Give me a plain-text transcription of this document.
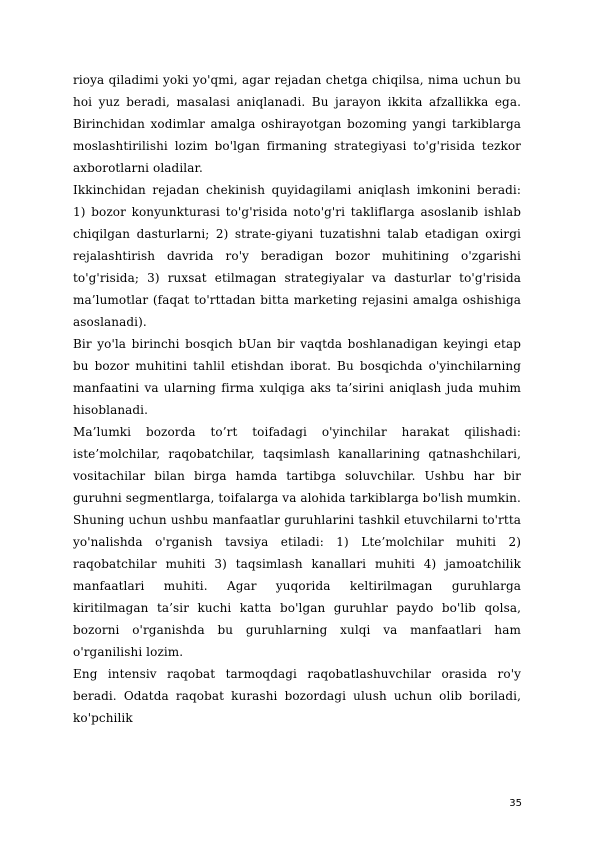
rioya qiladimi yoki yo'qmi, agar rejadan chetga chiqilsa, nima uchun bu hoi yuz beradi, masalasi aniqlanadi. Bu jarayon ikkita afzallikka ega. Birinchidan xodimlar amalga oshirayotgan bozoming yangi tarkiblarga moslashtirilishi lozim bo'lgan firmaning strategiyasi to'g'risida tezkor axborotlarni oladilar.

Ikkinchidan rejadan chekinish quyidagilami aniqlash imkonini beradi: 1) bozor konyunkturasi to'g'risida noto'g'ri takliflarga asoslanib ishlab chiqilgan dasturlarni; 2) strate-giyani tuzatishni talab etadigan oxirgi rejalashtirish davrida ro'y beradigan bozor muhitining o'zgarishi to'g'risida; 3) ruxsat etilmagan strategiyalar va dasturlar to'g'risida ma’lumotlar (faqat to'rttadan bitta marketing rejasini amalga oshishiga asoslanadi).

Bir yo'la birinchi bosqich bUan bir vaqtda boshlanadigan keyingi etap bu bozor muhitini tahlil etishdan iborat. Bu bosqichda o'yinchilarning manfaatini va ularning firma xulqiga aks ta’sirini aniqlash juda muhim hisoblanadi.

Ma’lumki bozorda to’rt toifadagi o'yinchilar harakat qilishadi: iste’molchilar, raqobatchilar, taqsimlash kanallarining qatnashchilari, vositachilar bilan birga hamda tartibga soluvchilar. Ushbu har bir guruhni segmentlarga, toifalarga va alohida tarkiblarga bo'lish mumkin.

Shuning uchun ushbu manfaatlar guruhlarini tashkil etuvchilarni to'rtta yo'nalishda o'rganish tavsiya etiladi: 1) Lte’molchilar muhiti 2) raqobatchilar muhiti 3) taqsimlash kanallari muhiti 4) jamoatchilik manfaatlari muhiti. Agar yuqorida keltirilmagan guruhlarga kiritilmagan ta’sir kuchi katta bo'lgan guruhlar paydo bo'lib qolsa, bozorni o'rganishda bu guruhlarning xulqi va manfaatlari ham o'rganilishi lozim.

Eng intensiv raqobat tarmoqdagi raqobatlashuvchilar orasida ro'y beradi. Odatda raqobat kurashi bozordagi ulush uchun olib boriladi, ko'pchilik

35
